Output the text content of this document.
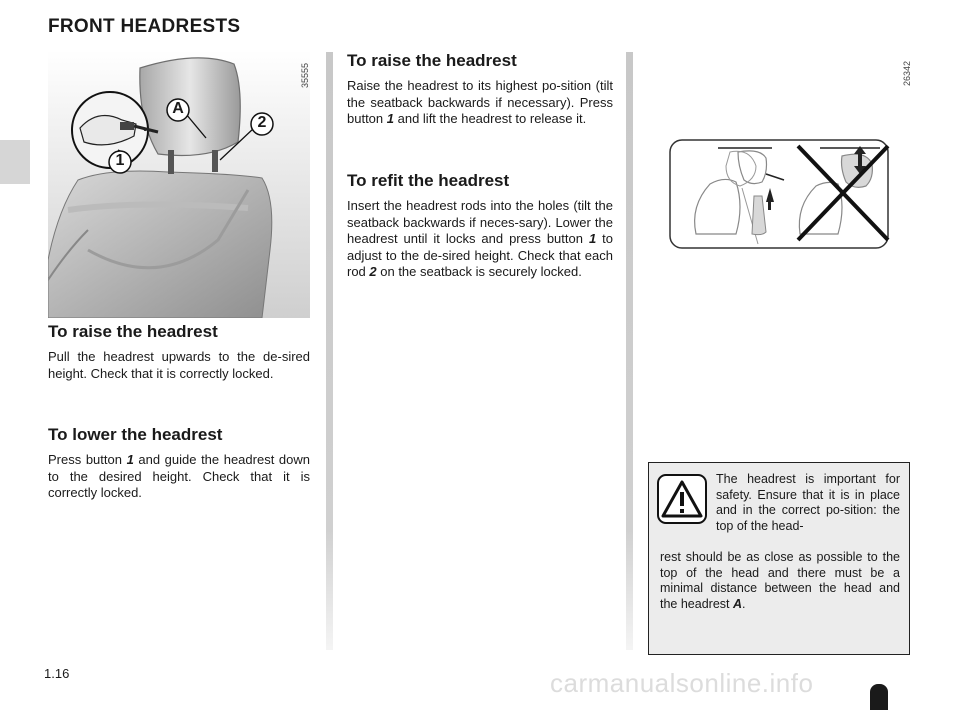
FRONT HEADRESTS
A
2
1
35555
To raise the headrest
Pull the headrest upwards to the de-sired height. Check that it is correctly locked.
To lower the headrest
Press button 1 and guide the headrest down to the desired height. Check that it is correctly locked.
To raise the headrest
Raise the headrest to its highest po-sition (tilt the seatback backwards if necessary). Press button 1 and lift the headrest to release it.
To refit the headrest
Insert the headrest rods into the holes (tilt the seatback backwards if neces-sary). Lower the headrest until it locks and press button 1 to adjust to the de-sired height. Check that each rod 2 on the seatback is securely locked.
26342
The headrest is important for safety. Ensure that it is in place and in the correct po-sition: the top of the head-
rest should be as close as possible to the top of the head and there must be a minimal distance between the head and the headrest A.
1.16	carmanualsonline.info
